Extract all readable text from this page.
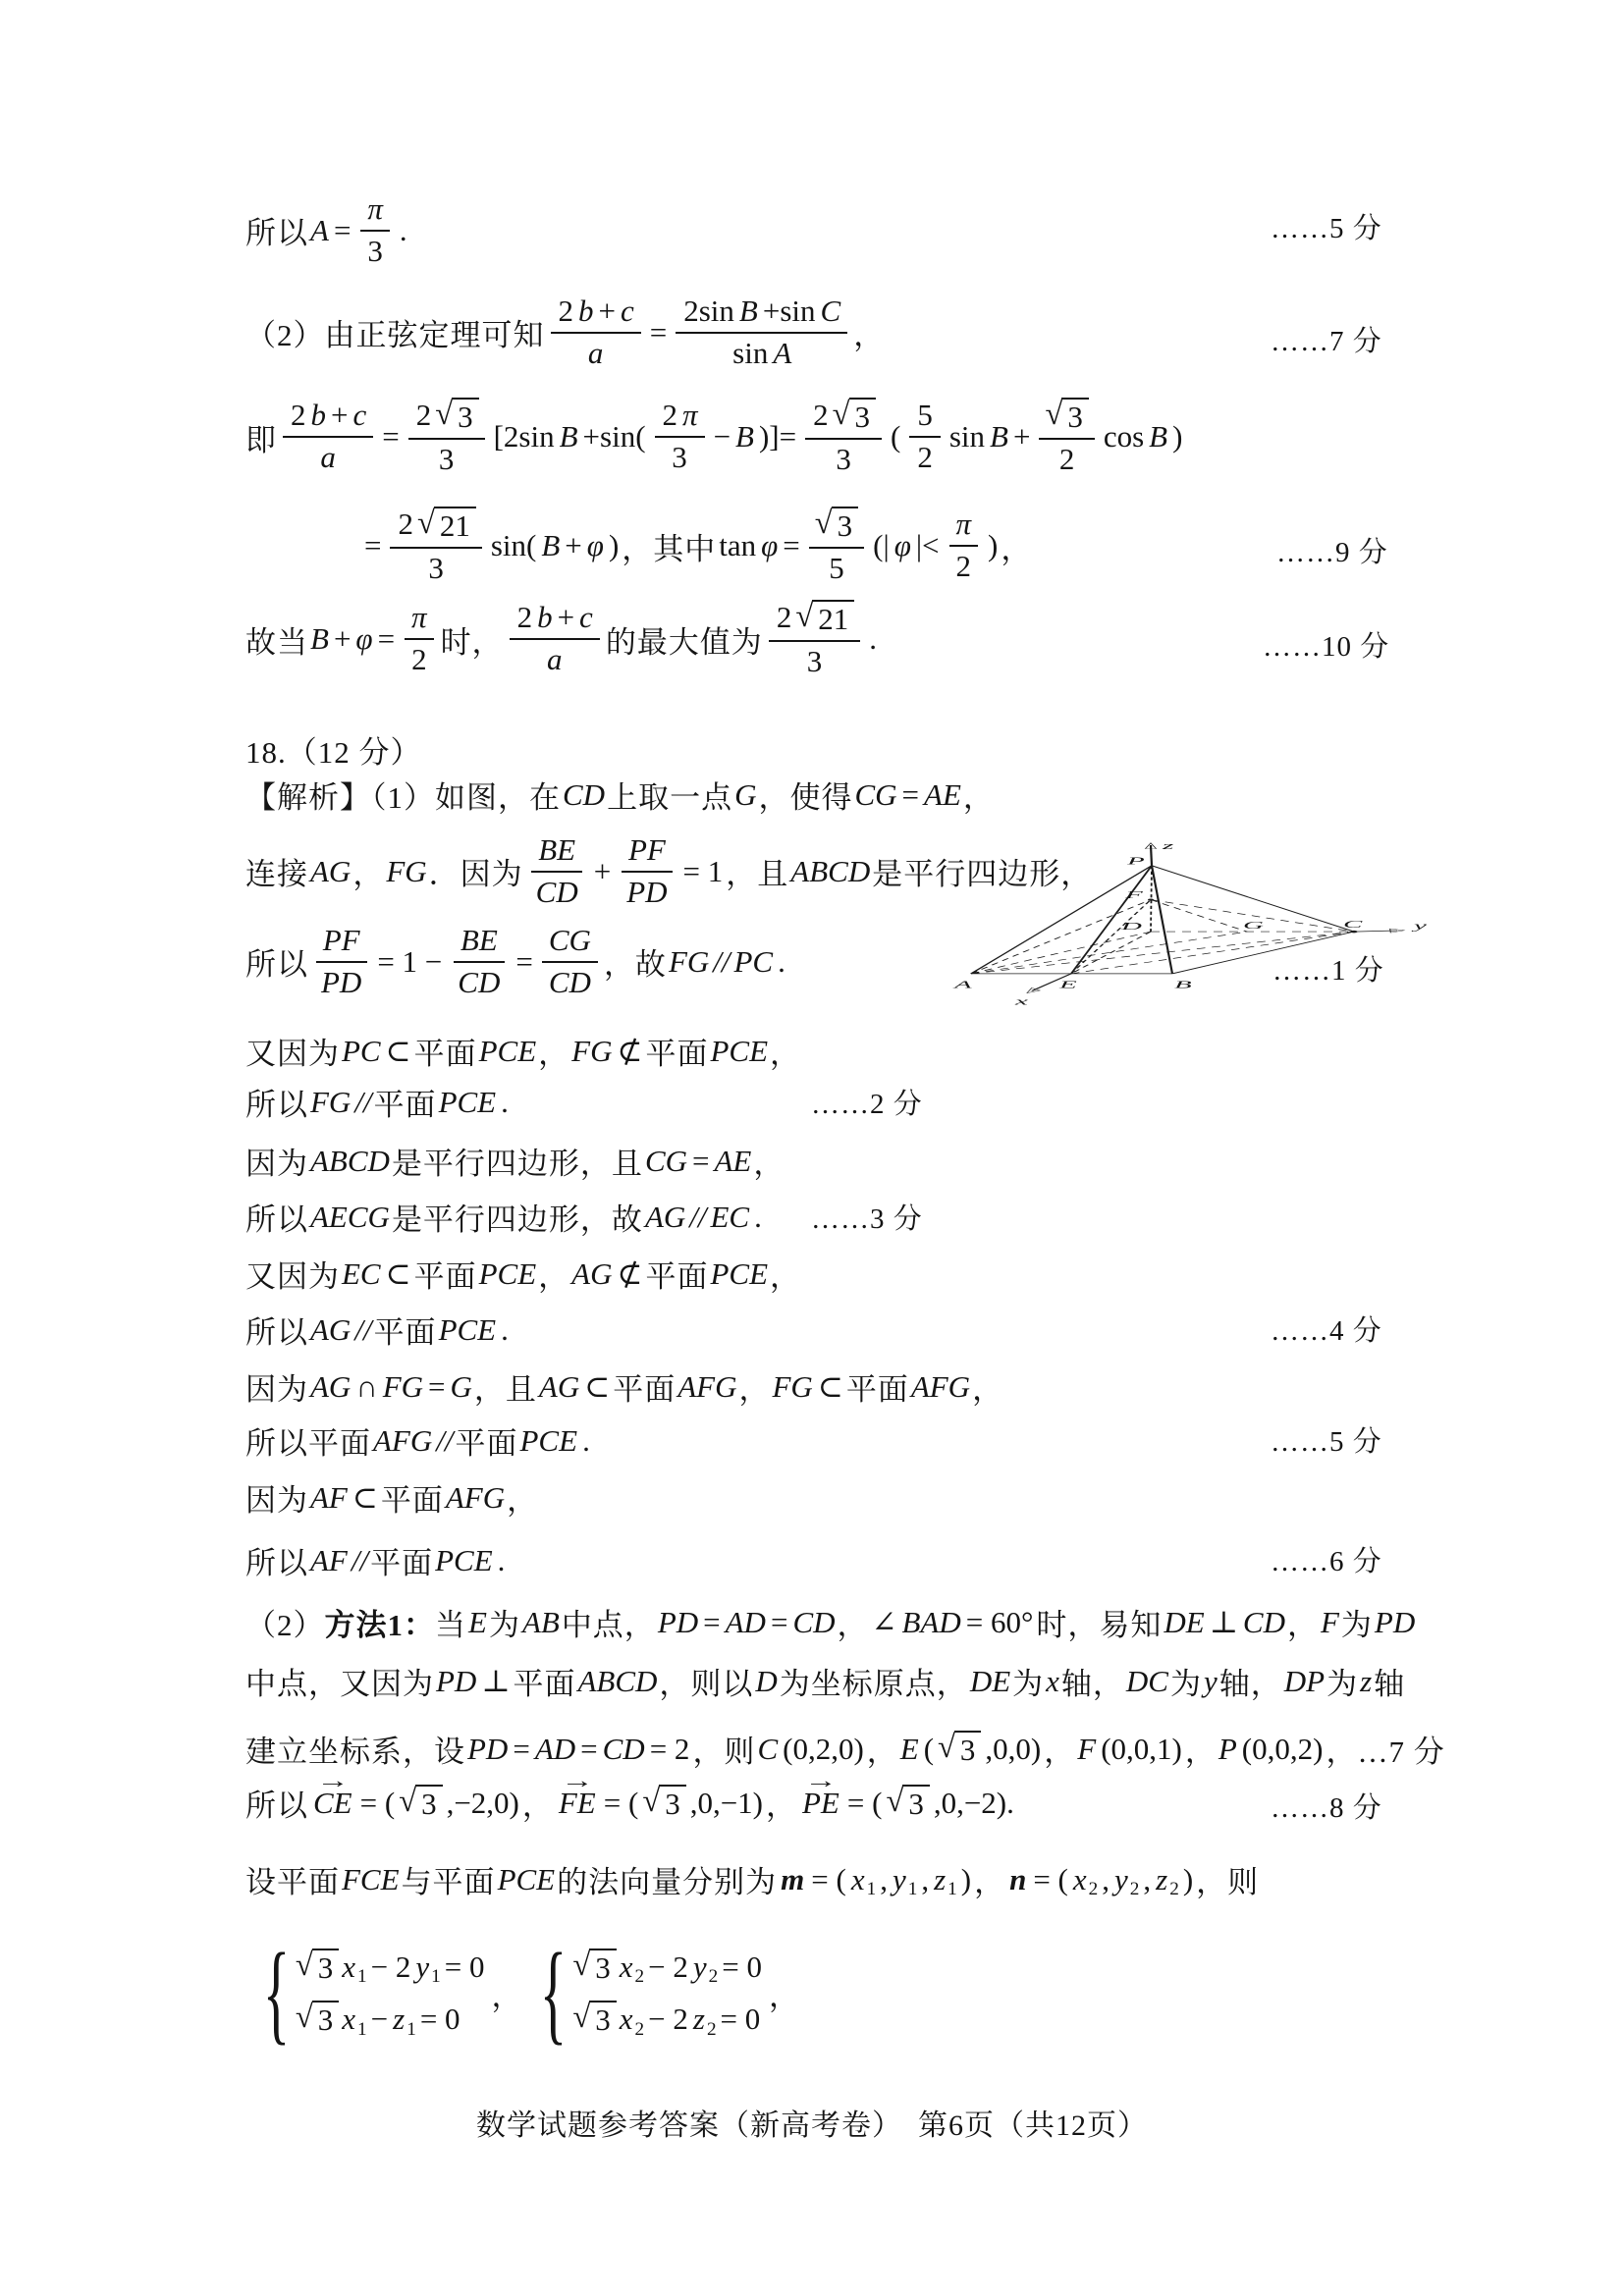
所以 $A = \frac{\pi}{3}$ .
（2）由正弦定理可知 $\frac{2 b + c}{a} = \frac{\text{2sin B +sin C}}{\text{sin A}}$ ，
即 $\frac{2 b + c}{a} = \frac{2 √ 3}{3} [2\sin$ B +sin(
2 π
3
− B )]= $\frac{2 √ 3}{3}$ (
5
2
sin B + √ $\frac{3}{2}$ cos B )
= $\frac{2 √ 21}{3} \sin$( B + φ ) ，其中 tan φ = √ $\frac{3}{5}$ (| φ |<
π
2
) ，
故当 $B + \varphi = \frac{\pi}{2}$ 时，
2 b + c
a 的最大值为
2 √ 21
3
.
18.（12 分）
【解析】（1）如图，在 CD 上取一点 G ，使得 CG = AE ，
连接 AG ， FG ．因为
BE
CD
+ $\frac{PF}{PD} = 1$ ，且 ABCD 是平行四边形，
所以 $\frac{PF}{PD} = 1 - \frac{BE}{CD} = \frac{CG}{CD}$ ，故 FG // PC .
又因为 PC ⊂ 平面 PCE ， FG ⊄ 平面 PCE ，
所以 FG // 平面 PCE .
因为 ABCD 是平行四边形，且 CG = AE ，
所以 AECG 是平行四边形，故 AG // EC .
又因为 EC ⊂ 平面 PCE ， AG ⊄ 平面 PCE ，
所以 AG // 平面 PCE .
因为 AG ∩ FG = G ，且 AG ⊂ 平面 AFG ， FG ⊂ 平面 AFG ，
所以平面 AFG // 平面 PCE .
因为 AF ⊂ 平面 AFG ，
所以 AF // 平面 PCE .
（2） 方法1： 当 E 为 AB 中点， PD = AD = CD ， ∠ BAD = 60° 时，易知 DE ⊥ CD ， F 为 PD
中点，又因为 PD ⊥ 平面 ABCD ，则以 D 为坐标原点， DE 为 x 轴， DC 为 y 轴， DP 为 z 轴
建立坐标系，设 PD = AD = CD = 2 ，则 C (0,2,0) ， E ( √ 3 ,0,0) ， F (0,0,1) ， P (0,0,2) ， …7 分
所以 CE → = ( √ 3 ,−2,0) ， FE → = ( √ 3 ,0,−1) ， PE → = ( √ 3 ,0,−2).
设平面 FCE 与平面 PCE 的法向量分别为 m = ( x 1 , y 1 , z 1 ) ， n = ( x 2 , y 2 , z 2 ) ，则
√ { 3 x 1 − 2 y 1 = 0
√ 3 x 1 − z 1 = 0
，
√ { 3 x 2 − 2 y 2 = 0
√ 3 x 2 − 2 z 2 = 0
，
……5 分
……7 分
……9 分
……10 分
……1 分
……2 分
……3 分
……4 分
……5 分
……6 分
……8 分
z
P
F
D	G	C y
A	E	B
x
数学试题参考答案（新高考卷）　第6页（共12页）
